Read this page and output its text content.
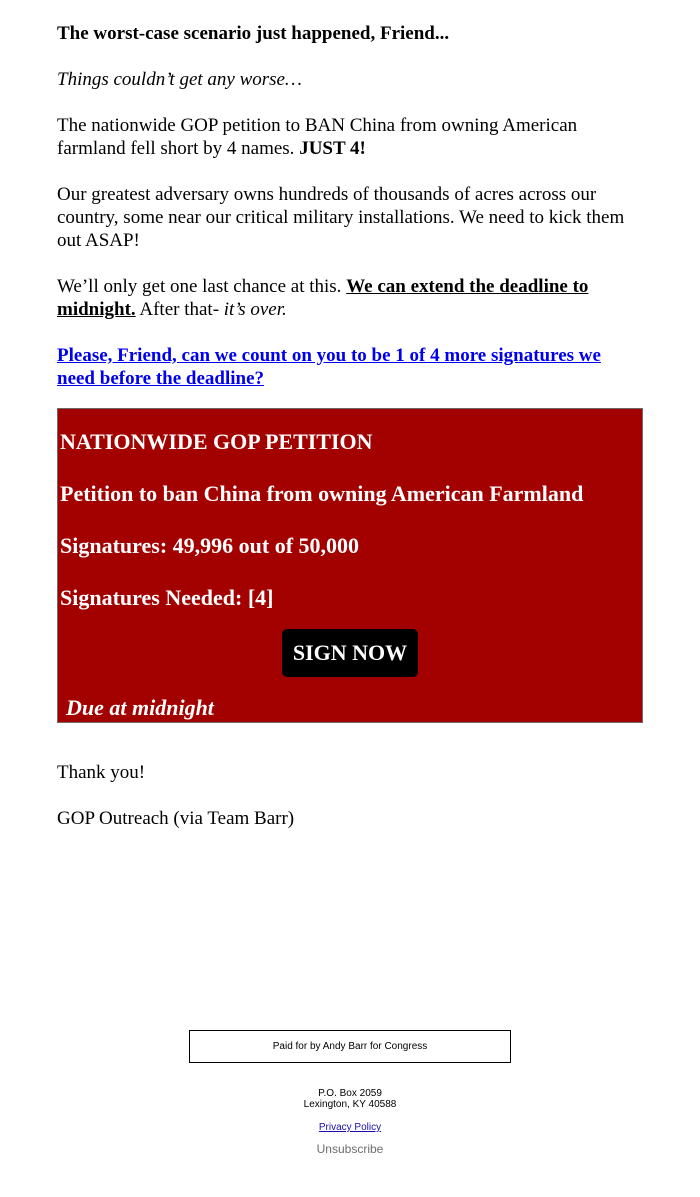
The worst-case scenario just happened, Friend...

Things couldn’t get any worse…

The nationwide GOP petition to BAN China from owning American farmland fell short by 4 names. JUST 4!

Our greatest adversary owns hundreds of thousands of acres across our country, some near our critical military installations. We need to kick them out ASAP!

We’ll only get one last chance at this. We can extend the deadline to midnight. After that- it’s over.

Please, Friend, can we count on you to be 1 of 4 more signatures we need before the deadline?

NATIONWIDE GOP PETITION
Petition to ban China from owning American Farmland
Signatures: 49,996 out of 50,000
Signatures Needed: [4]
SIGN NOW
Due at midnight

Thank you!

GOP Outreach (via Team Barr)

Paid for by Andy Barr for Congress
P.O. Box 2059
Lexington, KY 40588
Privacy Policy
Unsubscribe
